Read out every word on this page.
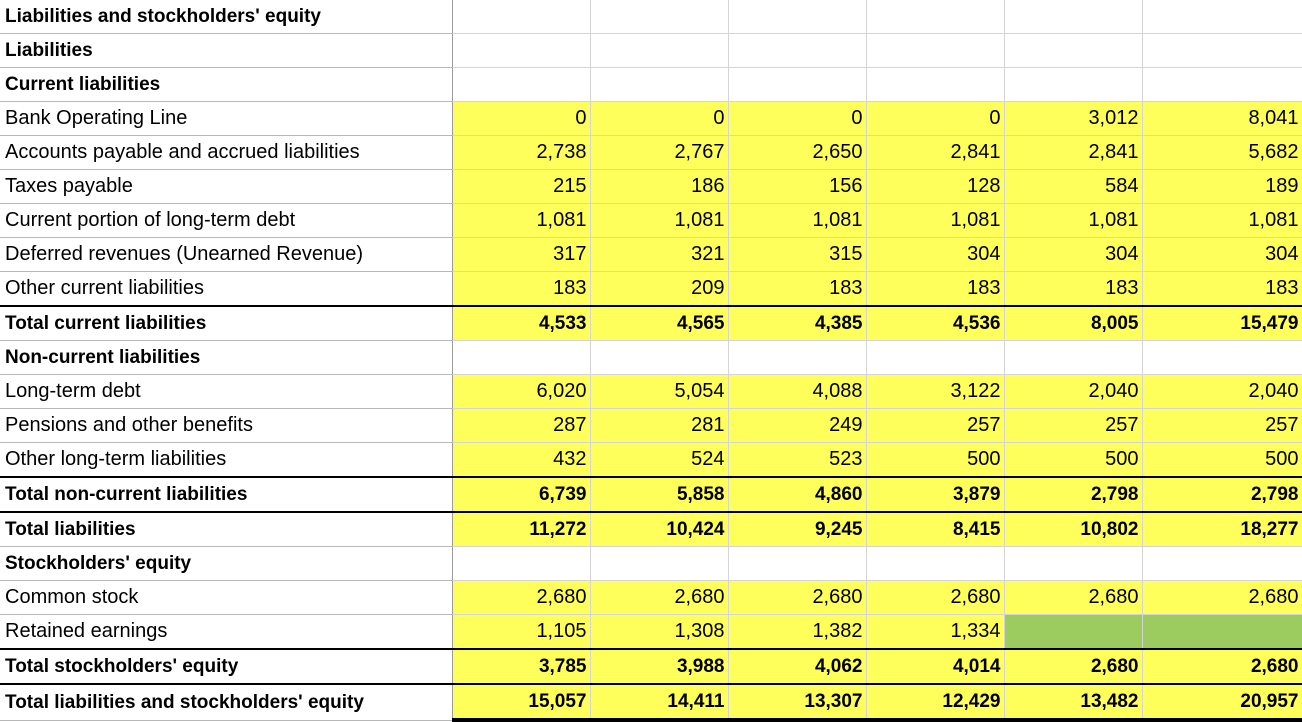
Liabilities and stockholders' equity						
Liabilities						
Current liabilities						
Bank Operating Line	0	0	0	0	3,012	8,041
Accounts payable and accrued liabilities	2,738	2,767	2,650	2,841	2,841	5,682
Taxes payable	215	186	156	128	584	189
Current portion of long-term debt	1,081	1,081	1,081	1,081	1,081	1,081
Deferred revenues (Unearned Revenue)	317	321	315	304	304	304
Other current liabilities	183	209	183	183	183	183
Total current liabilities	4,533	4,565	4,385	4,536	8,005	15,479
Non-current liabilities						
Long-term debt	6,020	5,054	4,088	3,122	2,040	2,040
Pensions and other benefits	287	281	249	257	257	257
Other long-term liabilities	432	524	523	500	500	500
Total non-current liabilities	6,739	5,858	4,860	3,879	2,798	2,798
Total liabilities	11,272	10,424	9,245	8,415	10,802	18,277
Stockholders' equity						
Common stock	2,680	2,680	2,680	2,680	2,680	2,680
Retained earnings	1,105	1,308	1,382	1,334		
Total stockholders' equity	3,785	3,988	4,062	4,014	2,680	2,680
Total liabilities and stockholders' equity	15,057	14,411	13,307	12,429	13,482	20,957
